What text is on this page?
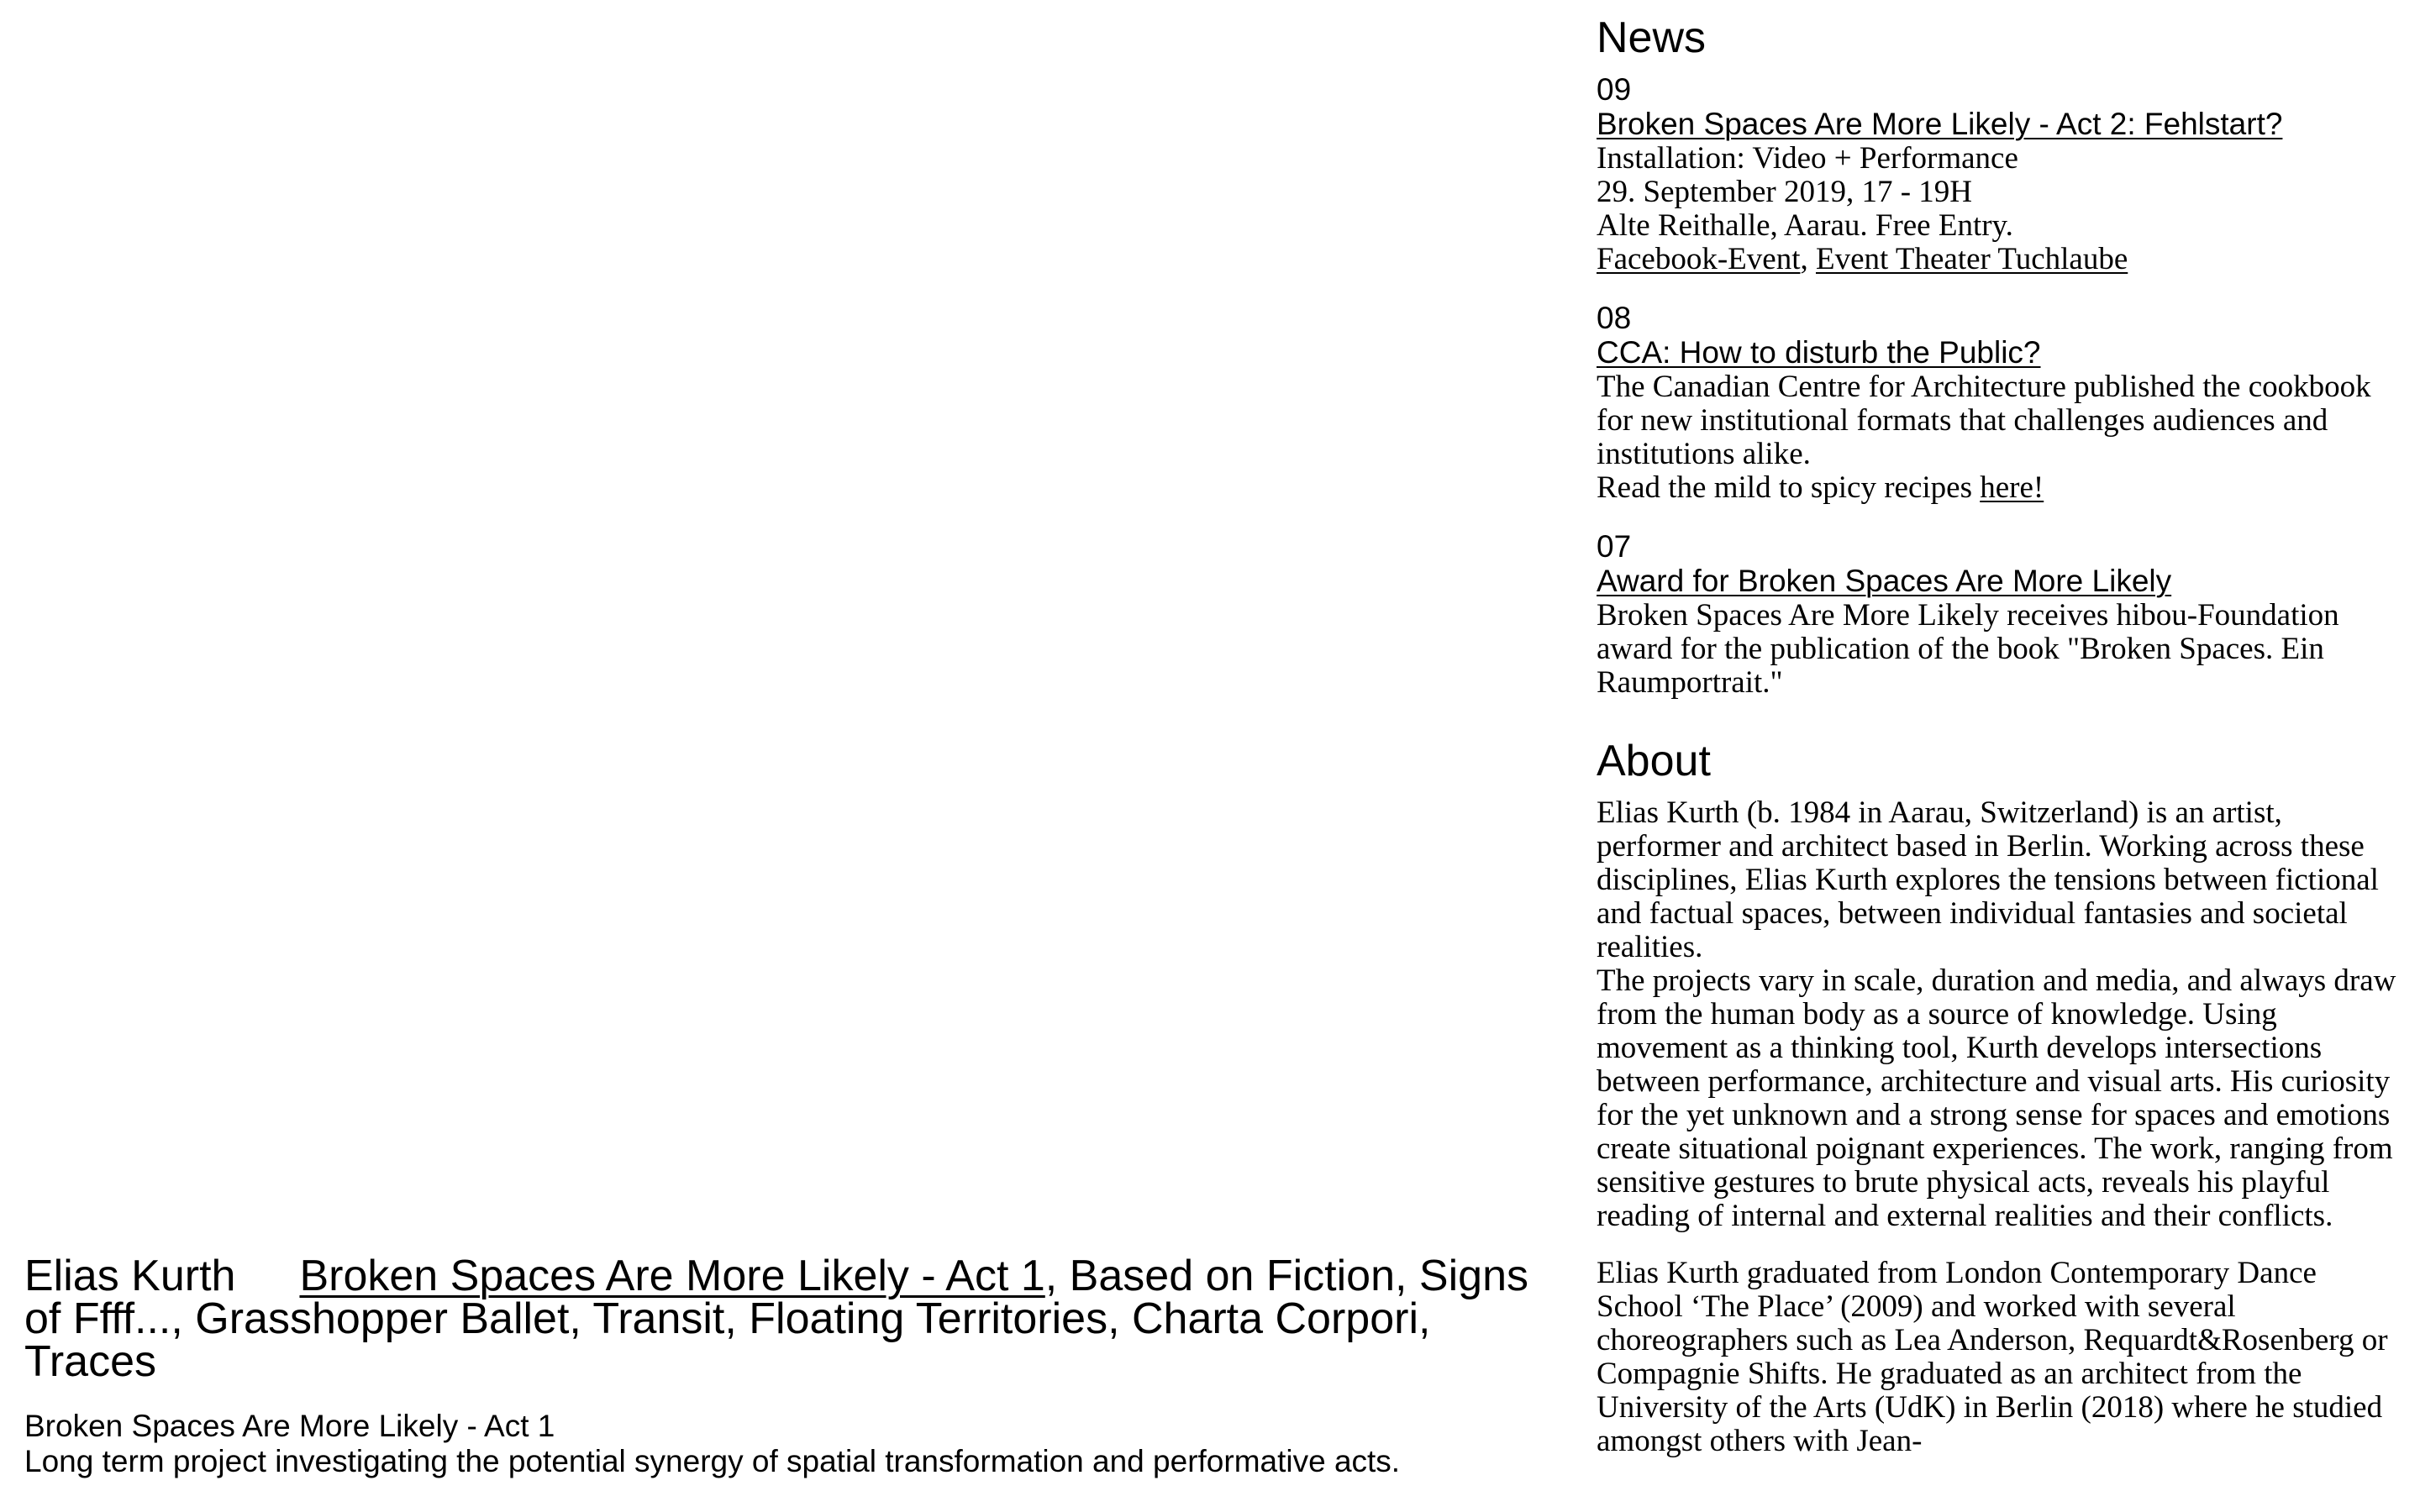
Elias Kurth Broken Spaces Are More Likely - Act 1, Based on Fiction, Signs of Ffff..., Grasshopper Ballet, Transit, Floating Territories, Charta Corpori, Traces
Broken Spaces Are More Likely - Act 1
Long term project investigating the potential synergy of spatial transformation and performative acts.
News
09
Broken Spaces Are More Likely - Act 2: Fehlstart?
Installation: Video + Performance
29. September 2019, 17 - 19H
Alte Reithalle, Aarau. Free Entry.
Facebook-Event, Event Theater Tuchlaube
08
CCA: How to disturb the Public?
The Canadian Centre for Architecture published the cookbook for new institutional formats that challenges audiences and institutions alike.
Read the mild to spicy recipes here!
07
Award for Broken Spaces Are More Likely
Broken Spaces Are More Likely receives hibou-Foundation award for the publication of the book "Broken Spaces. Ein Raumportrait."
About
Elias Kurth (b. 1984 in Aarau, Switzerland) is an artist, performer and architect based in Berlin. Working across these disciplines, Elias Kurth explores the tensions between fictional and factual spaces, between individual fantasies and societal realities.
The projects vary in scale, duration and media, and always draw from the human body as a source of knowledge. Using movement as a thinking tool, Kurth develops intersections between performance, architecture and visual arts. His curiosity for the yet unknown and a strong sense for spaces and emotions create situational poignant experiences. The work, ranging from sensitive gestures to brute physical acts, reveals his playful reading of internal and external realities and their conflicts.
Elias Kurth graduated from London Contemporary Dance School ‘The Place’ (2009) and worked with several choreographers such as Lea Anderson, Requardt&Rosenberg or Compagnie Shifts. He graduated as an architect from the University of the Arts (UdK) in Berlin (2018) where he studied amongst others with Jean-
